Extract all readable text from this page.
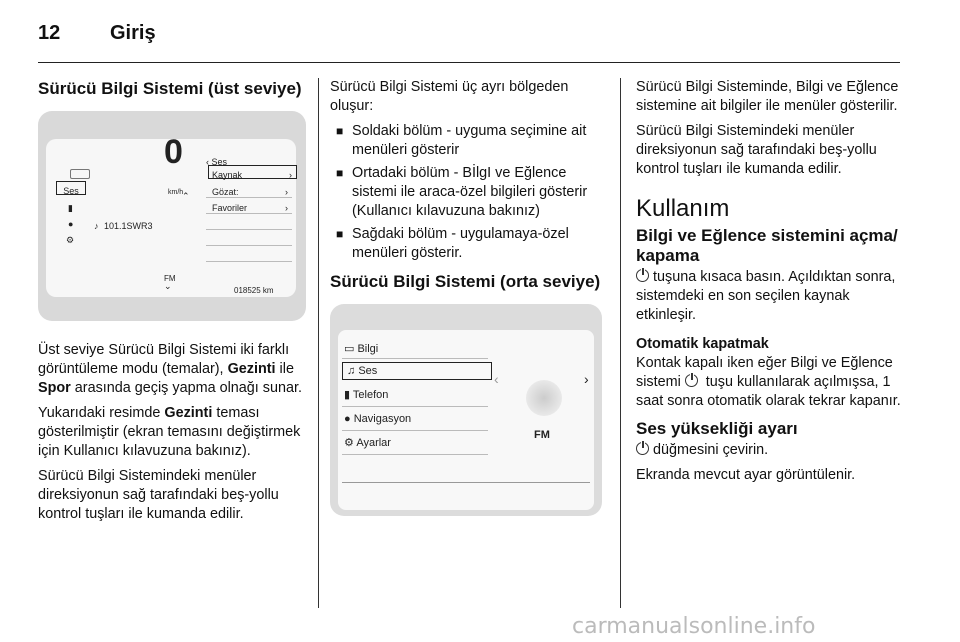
12 Giriş
Sürücü Bilgi Sistemi (üst seviye)
0
km/h
‹ Ses
Kaynak	›
Gözat:	›
Favoriler	›
Ses
▮
●
⚙
⌃
♪ 101.1SWR3
FM
⌄	018525 km

Üst seviye Sürücü Bilgi Sistemi iki farklı görüntüleme modu (temalar), Gezinti ile Spor arasında geçiş yapma olnağı sunar.

Yukarıdaki resimde Gezinti teması gösterilmiştir (ekran temasını değiştirmek için Kullanıcı kılavuzuna bakınız).

Sürücü Bilgi Sistemindeki menüler direksiyonun sağ tarafındaki beş-yollu kontrol tuşları ile kumanda edilir.

Sürücü Bilgi Sistemi üç ayrı bölgeden oluşur:

■ Soldaki bölüm - uyguma seçimine ait menüleri gösterir
■ Ortadaki bölüm - BİlgI ve Eğlence sistemi ile araca-özel bilgileri gösterir (Kullanıcı kılavuzuna bakınız)
■ Sağdaki bölüm - uygulamaya-özel menüleri gösterir.
Sürücü Bilgi Sistemi (orta seviye)
▭ Bilgi
♫ Ses
▮ Telefon
● Navigasyon
⚙ Ayarlar
‹	›
FM

Sürücü Bilgi Sisteminde, Bilgi ve Eğlence sistemine ait bilgiler ile menüler gösterilir.

Sürücü Bilgi Sistemindeki menüler direksiyonun sağ tarafındaki beş-yollu kontrol tuşları ile kumanda edilir.

Kullanım
Bilgi ve Eğlence sistemini açma/ kapama

tuşuna kısaca basın. Açıldıktan sonra, sistemdeki en son seçilen kaynak etkinleşir.

Otomatik kapatmak

Kontak kapalı iken eğer Bilgi ve Eğlence sistemi  tuşu kullanılarak açılmışsa, 1 saat sonra otomatik olarak tekrar kapanır.

Ses yüksekliği ayarı

düğmesini çevirin.

Ekranda mevcut ayar görüntülenir.

carmanualsonline.info
